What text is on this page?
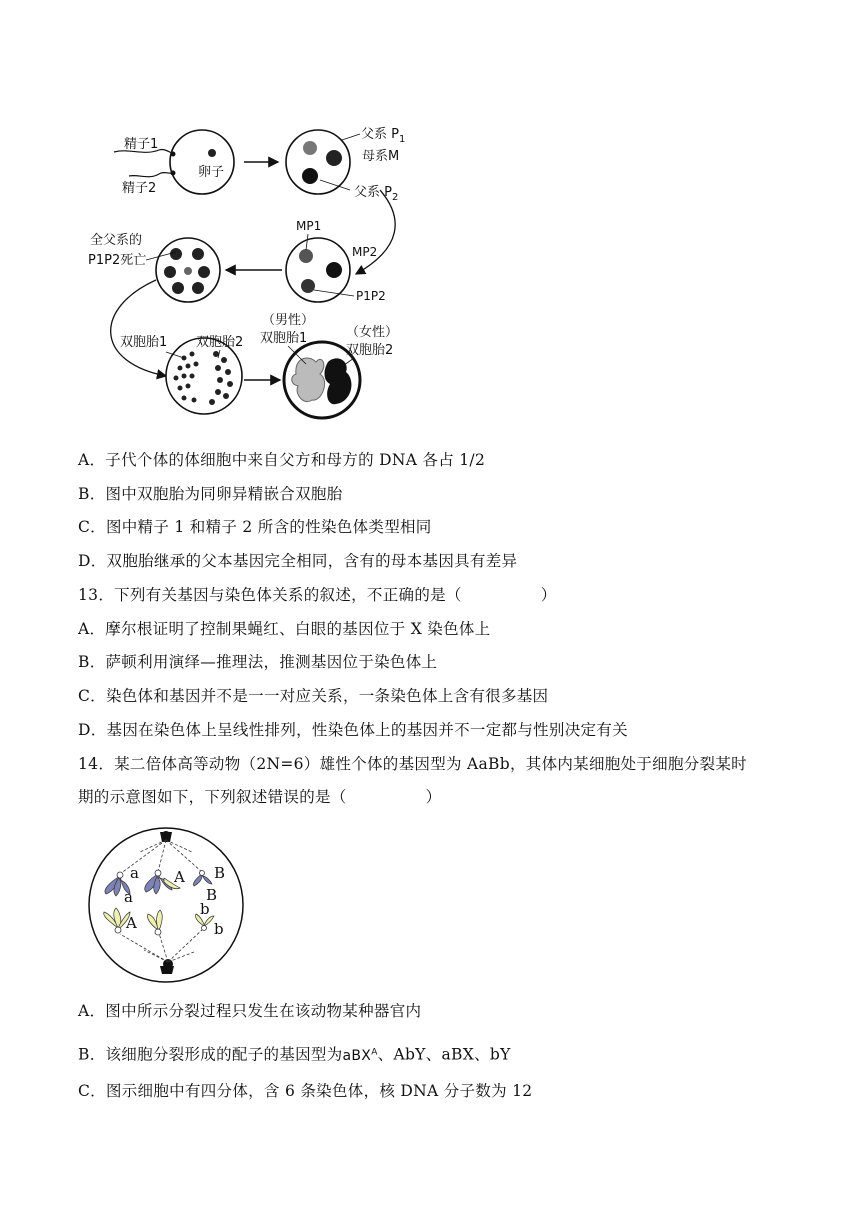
卵子
精子1
精子2
父系 $P_1$
母系M
父系 $P_2$
MP1
MP2
P1P2
全父系的
P1P2死亡
双胞胎1 双胞胎2
（男性）
双胞胎1	（女性）
双胞胎2
A．子代个体的体细胞中来自父方和母方的 DNA 各占 1/2
B．图中双胞胎为同卵异精嵌合双胞胎
C．图中精子 1 和精子 2 所含的性染色体类型相同
D．双胞胎继承的父本基因完全相同，含有的母本基因具有差异
13．下列有关基因与染色体关系的叙述，不正确的是（　　　　　）
A．摩尔根证明了控制果蝇红、白眼的基因位于 X 染色体上
B．萨顿利用演绎—推理法，推测基因位于染色体上
C．染色体和基因并不是一一对应关系，一条染色体上含有很多基因
D．基因在染色体上呈线性排列，性染色体上的基因并不一定都与性别决定有关
14．某二倍体高等动物（2N=6）雄性个体的基因型为 AaBb，其体内某细胞处于细胞分裂某时
期的示意图如下，下列叙述错误的是（　　　　　）
a
a
A B
B
A
b
b
A．图中所示分裂过程只发生在该动物某种器官内
B．该细胞分裂形成的配子的基因型为aBX$^A$、AbY、aBX、bY
C．图示细胞中有四分体，含 6 条染色体，核 DNA 分子数为 12
